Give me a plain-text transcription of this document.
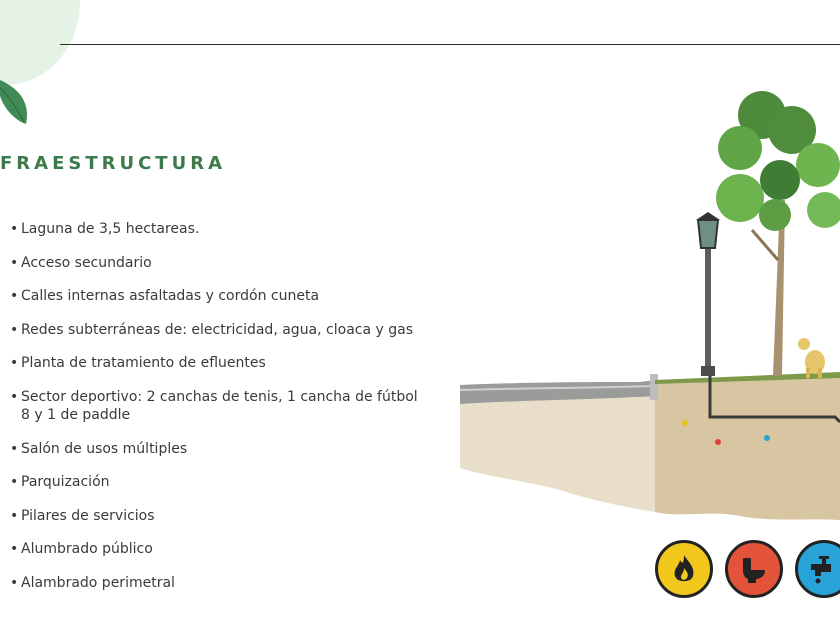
FRAESTRUCTURA
• Laguna de 3,5 hectareas.
• Acceso secundario
• Calles internas asfaltadas y cordón cuneta
• Redes subterráneas de: electricidad, agua, cloaca y gas
• Planta de tratamiento de efluentes
• Sector deportivo: 2 canchas de tenis, 1 cancha de fútbol 8 y 1 de paddle
• Salón de usos múltiples
• Parquización
• Pilares de servicios
• Alumbrado público
• Alambrado perimetral
